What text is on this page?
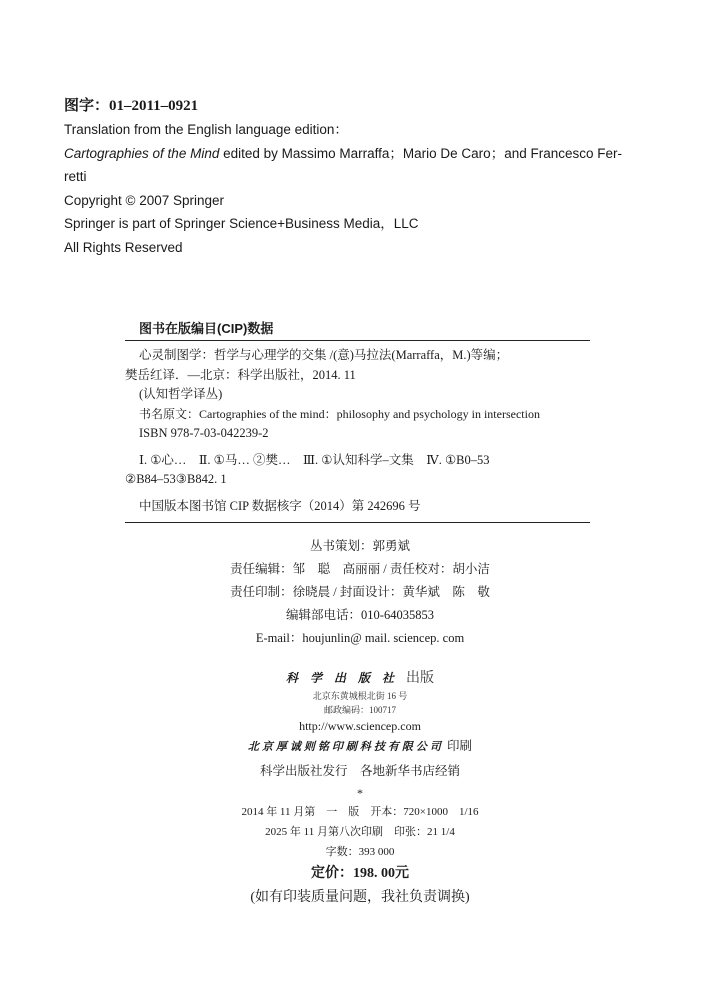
图字：01–2011–0921
Translation from the English language edition：
Cartographies of the Mind edited by Massimo Marraffa；Mario De Caro；and Francesco Fer-
retti
Copyright © 2007 Springer
Springer is part of Springer Science+Business Media，LLC
All Rights Reserved
图书在版编目(CIP)数据
心灵制图学：哲学与心理学的交集 /(意)马拉法(Marraffa，M.)等编；
樊岳红译．—北京：科学出版社，2014. 11
(认知哲学译丛)
书名原文：Cartographies of the mind：philosophy and psychology in intersection
ISBN 978-7-03-042239-2
Ⅰ. ①心…　Ⅱ. ①马… ②樊…　Ⅲ. ①认知科学–文集　Ⅳ. ①B0–53
②B84–53③B842. 1
中国版本图书馆 CIP 数据核字（2014）第 242696 号
丛书策划：郭勇斌
责任编辑：邹　聪　高丽丽 / 责任校对：胡小洁
责任印制：徐晓晨 / 封面设计：黄华斌　陈　敬
编辑部电话：010-64035853
E-mail：houjunlin@ mail. sciencep. com
科学出版社出版
北京东黄城根北街 16 号
邮政编码：100717
http://www.sciencep.com
北京厚诚则铭印刷科技有限公司 印刷
科学出版社发行　各地新华书店经销
*
2014 年 11 月第　一　版　开本：720×1000　1/16
2025 年 11 月第八次印刷　印张：21 1/4
字数：393 000
定价：198. 00元
(如有印装质量问题，我社负责调换)
